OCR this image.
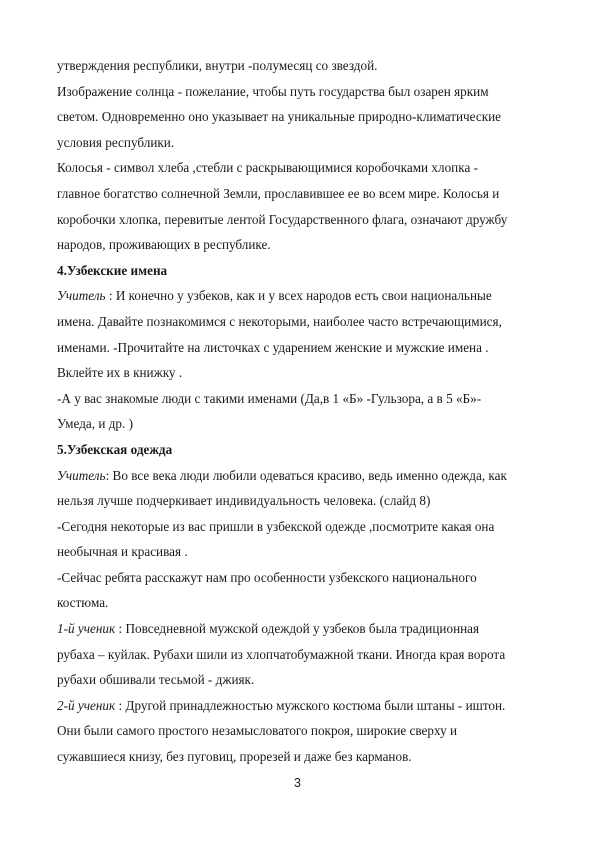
утверждения республики, внутри -полумесяц со звездой.

Изображение солнца - пожелание, чтобы путь государства был озарен ярким
светом. Одновременно оно указывает на уникальные природно-климатические
условия республики.

Колосья - символ хлеба ,стебли с раскрывающимися коробочками хлопка -
главное богатство солнечной Земли, прославившее ее во всем мире. Колосья и
коробочки хлопка, перевитые лентой Государственного флага, означают дружбу
народов, проживающих в республике.

4.Узбекские имена

Учитель : И конечно у узбеков, как и у всех народов есть свои национальные
имена. Давайте познакомимся с некоторыми, наиболее часто встречающимися,
именами. -Прочитайте на листочках с ударением женские и мужские имена .
Вклейте их в книжку .

-А у вас знакомые люди с такими именами (Да,в 1 «Б» -Гульзора, а в 5 «Б»-
Умеда, и др. )

5.Узбекская одежда

Учитель: Во все века люди любили одеваться красиво, ведь именно одежда, как
нельзя лучше подчеркивает индивидуальность человека. (слайд 8)

-Сегодня некоторые из вас пришли в узбекской одежде ,посмотрите какая она
необычная и красивая .

-Сейчас ребята расскажут нам про особенности узбекского национального
костюма.

1-й ученик : Повседневной мужской одеждой у узбеков была традиционная
рубаха – куйлак. Рубахи шили из хлопчатобумажной ткани. Иногда края ворота
рубахи обшивали тесьмой - джияк.

2-й ученик : Другой принадлежностью мужского костюма были штаны - иштон.
Они были самого простого незамысловатого покроя, широкие сверху и
сужавшиеся книзу, без пуговиц, прорезей и даже без карманов.

3
